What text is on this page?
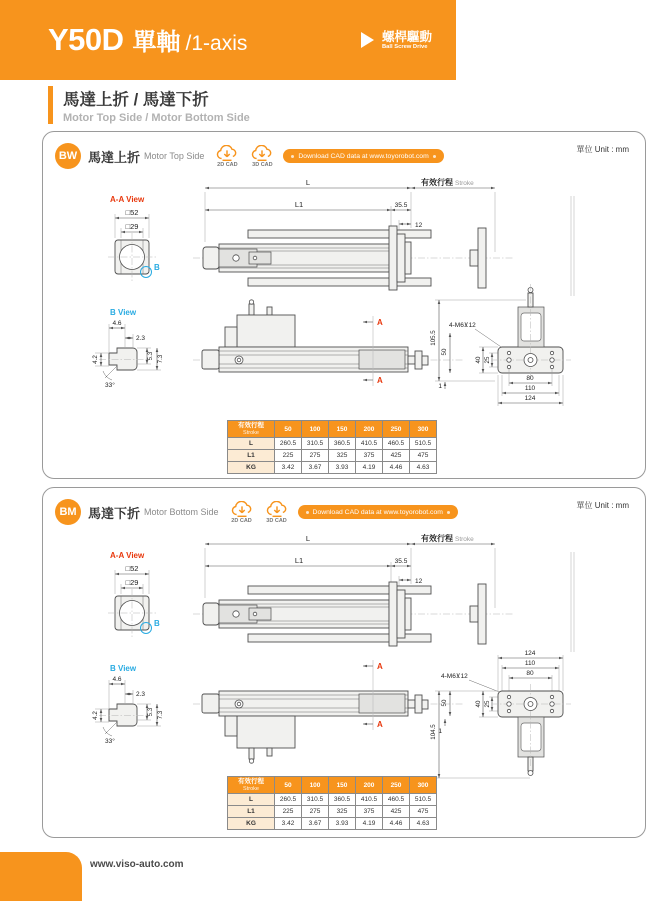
Y50D 單軸 /1-axis	螺桿驅動
Ball Screw Drive
馬達上折 / 馬達下折
Motor Top Side / Motor Bottom Side
BW 馬達上折 Motor Top Side
2D CAD	3D CAD
Download CAD data at www.toyorobot.com
單位 Unit : mm
A-A View
□52
□29
B
B View
4.6
2.3
4.2	5.3 7.3
33°
L	有效行程 Stroke
L1	35.5
12
A
A
105.5
50
1
4-M6⊻12
40 25
80
110
124
有效行程
Stroke	50	100	150	200	250	300
L	260.5	310.5	360.5	410.5	460.5	510.5
L1	225	275	325	375	425	475
KG	3.42	3.67	3.93	4.19	4.46	4.63
BM 馬達下折 Motor Bottom Side
2D CAD	3D CAD
Download CAD data at www.toyorobot.com
單位 Unit : mm
A-A View
□52
□29
B
B View
4.6
2.3
4.2	5.3 7.3
33°
L	有效行程 Stroke
L1	35.5
12
A
A
124
110
80
4-M6⊻12
104.5
50
1
40 25
有效行程
Stroke	50	100	150	200	250	300
L	260.5	310.5	360.5	410.5	460.5	510.5
L1	225	275	325	375	425	475
KG	3.42	3.67	3.93	4.19	4.46	4.63
www.viso-auto.com
